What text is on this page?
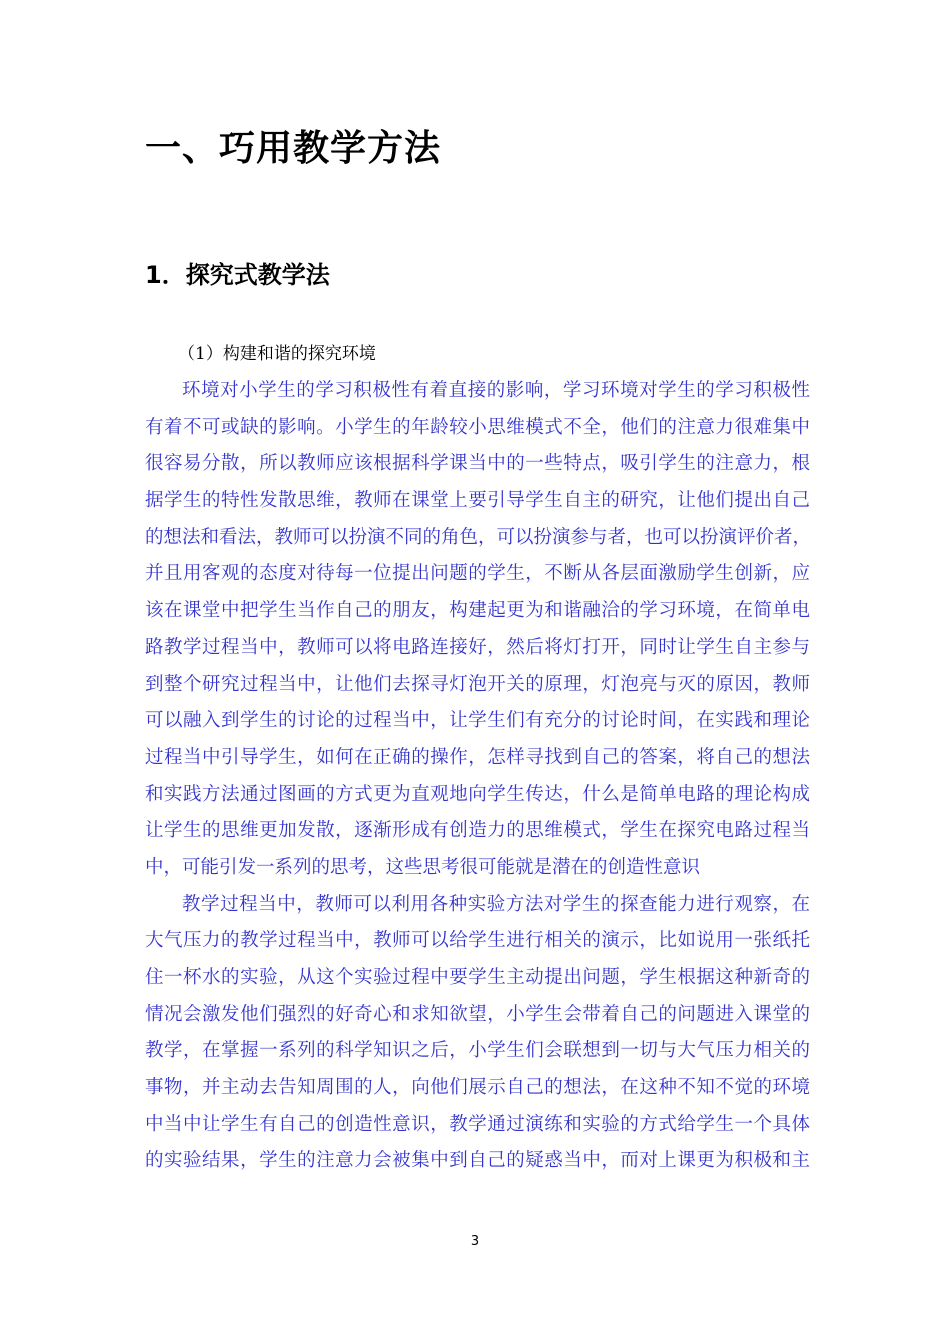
一、巧用教学方法
1．探究式教学法
（1）构建和谐的探究环境
环境对小学生的学习积极性有着直接的影响，学习环境对学生的学习积极性
有着不可或缺的影响。小学生的年龄较小思维模式不全，他们的注意力很难集中
很容易分散，所以教师应该根据科学课当中的一些特点，吸引学生的注意力，根
据学生的特性发散思维，教师在课堂上要引导学生自主的研究，让他们提出自己
的想法和看法，教师可以扮演不同的角色，可以扮演参与者，也可以扮演评价者，
并且用客观的态度对待每一位提出问题的学生，不断从各层面激励学生创新，应
该在课堂中把学生当作自己的朋友，构建起更为和谐融洽的学习环境，在简单电
路教学过程当中，教师可以将电路连接好，然后将灯打开，同时让学生自主参与
到整个研究过程当中，让他们去探寻灯泡开关的原理，灯泡亮与灭的原因，教师
可以融入到学生的讨论的过程当中，让学生们有充分的讨论时间，在实践和理论
过程当中引导学生，如何在正确的操作，怎样寻找到自己的答案，将自己的想法
和实践方法通过图画的方式更为直观地向学生传达，什么是简单电路的理论构成
让学生的思维更加发散，逐渐形成有创造力的思维模式，学生在探究电路过程当
中，可能引发一系列的思考，这些思考很可能就是潜在的创造性意识
教学过程当中，教师可以利用各种实验方法对学生的探查能力进行观察，在
大气压力的教学过程当中，教师可以给学生进行相关的演示，比如说用一张纸托
住一杯水的实验，从这个实验过程中要学生主动提出问题，学生根据这种新奇的
情况会激发他们强烈的好奇心和求知欲望，小学生会带着自己的问题进入课堂的
教学，在掌握一系列的科学知识之后，小学生们会联想到一切与大气压力相关的
事物，并主动去告知周围的人，向他们展示自己的想法，在这种不知不觉的环境
中当中让学生有自己的创造性意识，教学通过演练和实验的方式给学生一个具体
的实验结果，学生的注意力会被集中到自己的疑惑当中，而对上课更为积极和主
3
